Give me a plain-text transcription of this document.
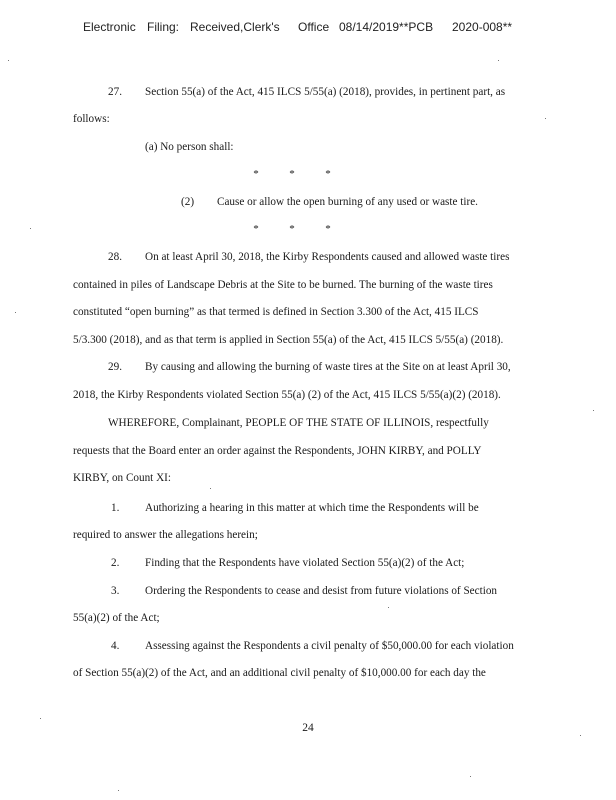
Electronic Filing: Received,Clerk's Office 08/14/2019**PCB 2020-008**
27. Section 55(a) of the Act, 415 ILCS 5/55(a) (2018), provides, in pertinent part, as
follows:
(a) No person shall:
*	*	*
(2) Cause or allow the open burning of any used or waste tire.
*	*	*
28. On at least April 30, 2018, the Kirby Respondents caused and allowed waste tires
contained in piles of Landscape Debris at the Site to be burned. The burning of the waste tires
constituted “open burning” as that termed is defined in Section 3.300 of the Act, 415 ILCS
5/3.300 (2018), and as that term is applied in Section 55(a) of the Act, 415 ILCS 5/55(a) (2018).
29. By causing and allowing the burning of waste tires at the Site on at least April 30,
2018, the Kirby Respondents violated Section 55(a) (2) of the Act, 415 ILCS 5/55(a)(2) (2018).
WHEREFORE, Complainant, PEOPLE OF THE STATE OF ILLINOIS, respectfully
requests that the Board enter an order against the Respondents, JOHN KIRBY, and POLLY
KIRBY, on Count XI:
1. Authorizing a hearing in this matter at which time the Respondents will be
required to answer the allegations herein;
2. Finding that the Respondents have violated Section 55(a)(2) of the Act;
3. Ordering the Respondents to cease and desist from future violations of Section
55(a)(2) of the Act;
4. Assessing against the Respondents a civil penalty of $50,000.00 for each violation
of Section 55(a)(2) of the Act, and an additional civil penalty of $10,000.00 for each day the
24
